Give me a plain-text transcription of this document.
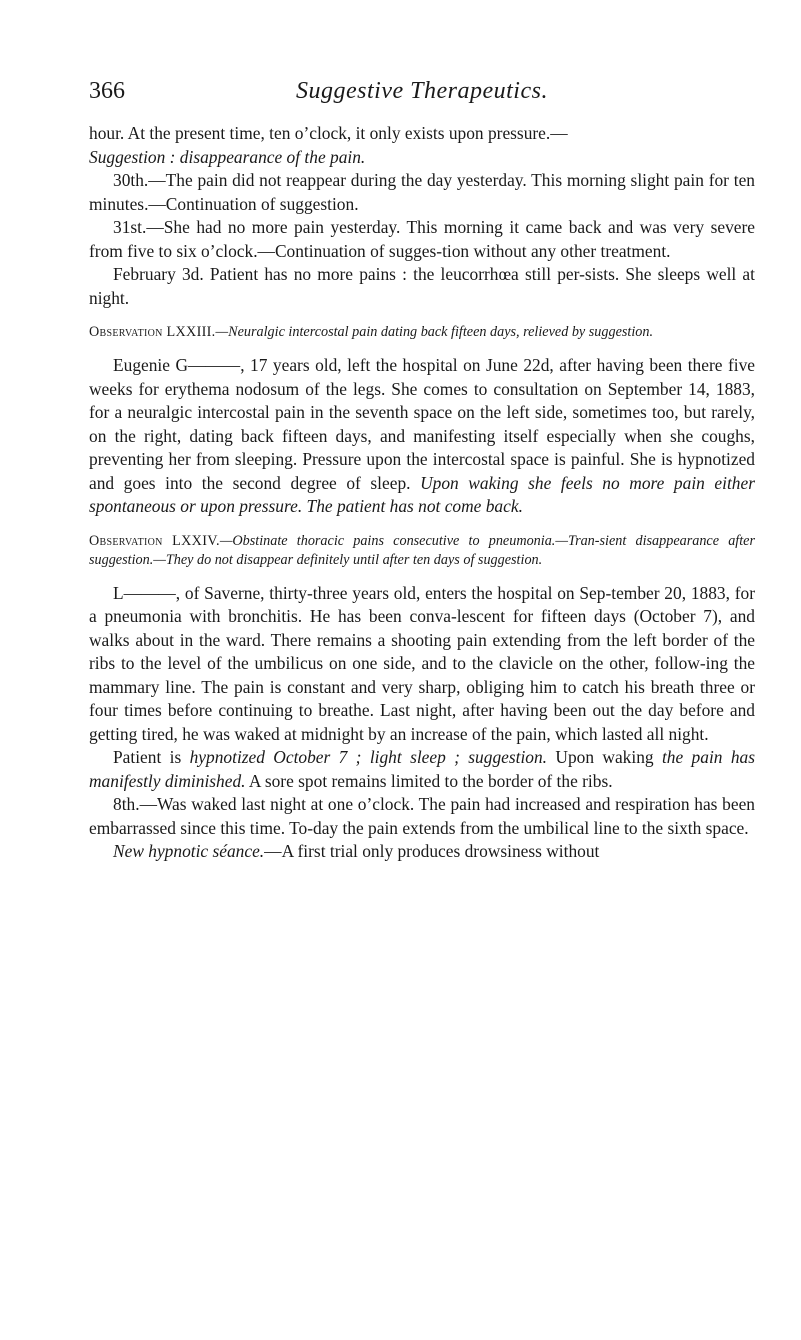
366	Suggestive Therapeutics.

hour. At the present time, ten o’clock, it only exists upon pressure.—
Suggestion : disappearance of the pain.

30th.—The pain did not reappear during the day yesterday. This morning slight pain for ten minutes.—Continuation of suggestion.

31st.—She had no more pain yesterday. This morning it came back and was very severe from five to six o’clock.—Continuation of sugges-tion without any other treatment.

February 3d. Patient has no more pains : the leucorrhœa still per-sists. She sleeps well at night.

Observation LXXIII.—Neuralgic intercostal pain dating back fifteen days, relieved by suggestion.

Eugenie G———, 17 years old, left the hospital on June 22d, after having been there five weeks for erythema nodosum of the legs. She comes to consultation on September 14, 1883, for a neuralgic intercostal pain in the seventh space on the left side, sometimes too, but rarely, on the right, dating back fifteen days, and manifesting itself especially when she coughs, preventing her from sleeping. Pressure upon the intercostal space is painful. She is hypnotized and goes into the second degree of sleep. Upon waking she feels no more pain either spontaneous or upon pressure. The patient has not come back.

Observation LXXIV.—Obstinate thoracic pains consecutive to pneumonia.—Tran-sient disappearance after suggestion.—They do not disappear definitely until after ten days of suggestion.

L———, of Saverne, thirty-three years old, enters the hospital on Sep-tember 20, 1883, for a pneumonia with bronchitis. He has been conva-lescent for fifteen days (October 7), and walks about in the ward. There remains a shooting pain extending from the left border of the ribs to the level of the umbilicus on one side, and to the clavicle on the other, follow-ing the mammary line. The pain is constant and very sharp, obliging him to catch his breath three or four times before continuing to breathe. Last night, after having been out the day before and getting tired, he was waked at midnight by an increase of the pain, which lasted all night.

Patient is hypnotized October 7 ; light sleep ; suggestion. Upon waking the pain has manifestly diminished. A sore spot remains limited to the border of the ribs.

8th.—Was waked last night at one o’clock. The pain had increased and respiration has been embarrassed since this time. To-day the pain extends from the umbilical line to the sixth space.

New hypnotic séance.—A first trial only produces drowsiness without
